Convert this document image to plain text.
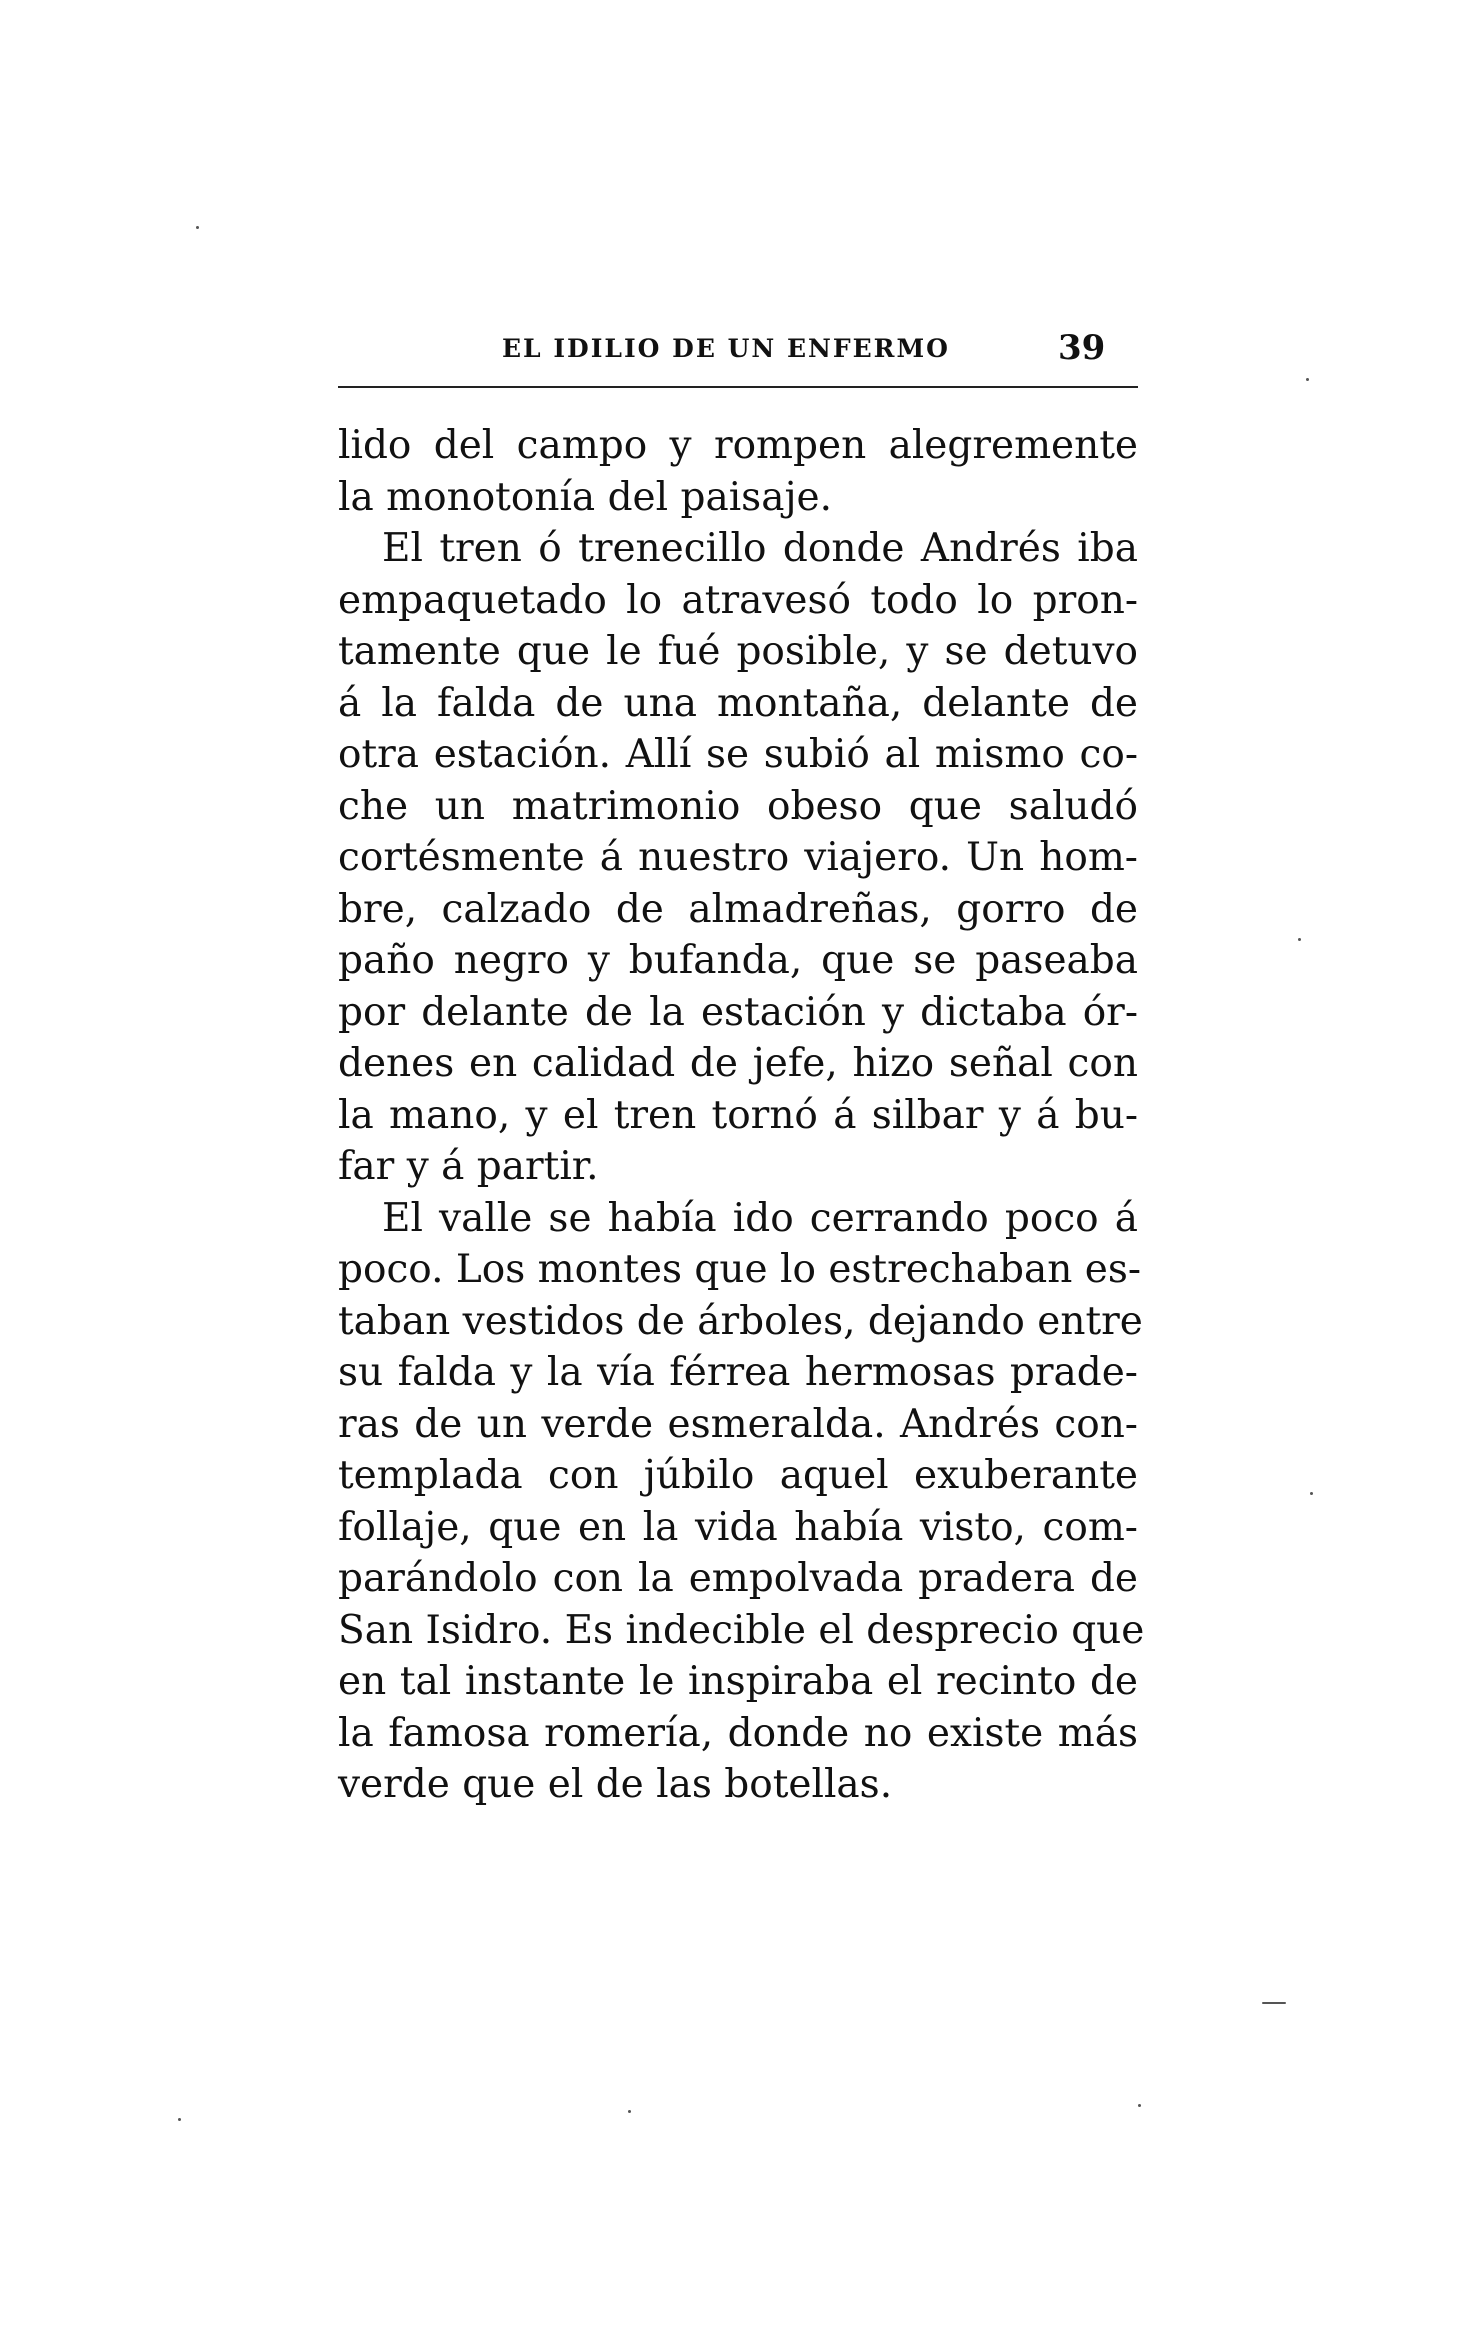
EL IDILIO DE UN ENFERMO	39
lido del campo y rompen alegremente
la monotonía del paisaje.
El tren ó trenecillo donde Andrés iba
empaquetado lo atravesó todo lo pron-
tamente que le fué posible, y se detuvo
á la falda de una montaña, delante de
otra estación. Allí se subió al mismo co-
che un matrimonio obeso que saludó
cortésmente á nuestro viajero. Un hom-
bre, calzado de almadreñas, gorro de
paño negro y bufanda, que se paseaba
por delante de la estación y dictaba ór-
denes en calidad de jefe, hizo señal con
la mano, y el tren tornó á silbar y á bu-
far y á partir.
El valle se había ido cerrando poco á
poco. Los montes que lo estrechaban es-
taban vestidos de árboles, dejando entre
su falda y la vía férrea hermosas prade-
ras de un verde esmeralda. Andrés con-
templada con júbilo aquel exuberante
follaje, que en la vida había visto, com-
parándolo con la empolvada pradera de
San Isidro. Es indecible el desprecio que
en tal instante le inspiraba el recinto de
la famosa romería, donde no existe más
verde que el de las botellas.
